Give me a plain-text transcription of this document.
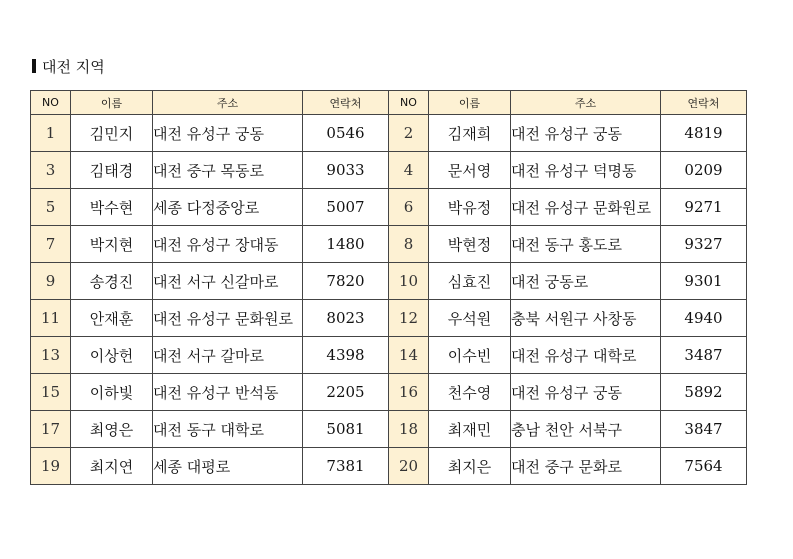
대전 지역
NO	이름	주소	연락처	NO	이름	주소	연락처
1	김민지	대전 유성구 궁동	0546	2	김재희	대전 유성구 궁동	4819
3	김태경	대전 중구 목동로	9033	4	문서영	대전 유성구 덕명동	0209
5	박수현	세종 다정중앙로	5007	6	박유정	대전 유성구 문화원로	9271
7	박지현	대전 유성구 장대동	1480	8	박현정	대전 동구 홍도로	9327
9	송경진	대전 서구 신갈마로	7820	10	심효진	대전 궁동로	9301
11	안재훈	대전 유성구 문화원로	8023	12	우석원	충북 서원구 사창동	4940
13	이상헌	대전 서구 갈마로	4398	14	이수빈	대전 유성구 대학로	3487
15	이하빛	대전 유성구 반석동	2205	16	천수영	대전 유성구 궁동	5892
17	최영은	대전 동구 대학로	5081	18	최재민	충남 천안 서북구	3847
19	최지연	세종 대평로	7381	20	최지은	대전 중구 문화로	7564
